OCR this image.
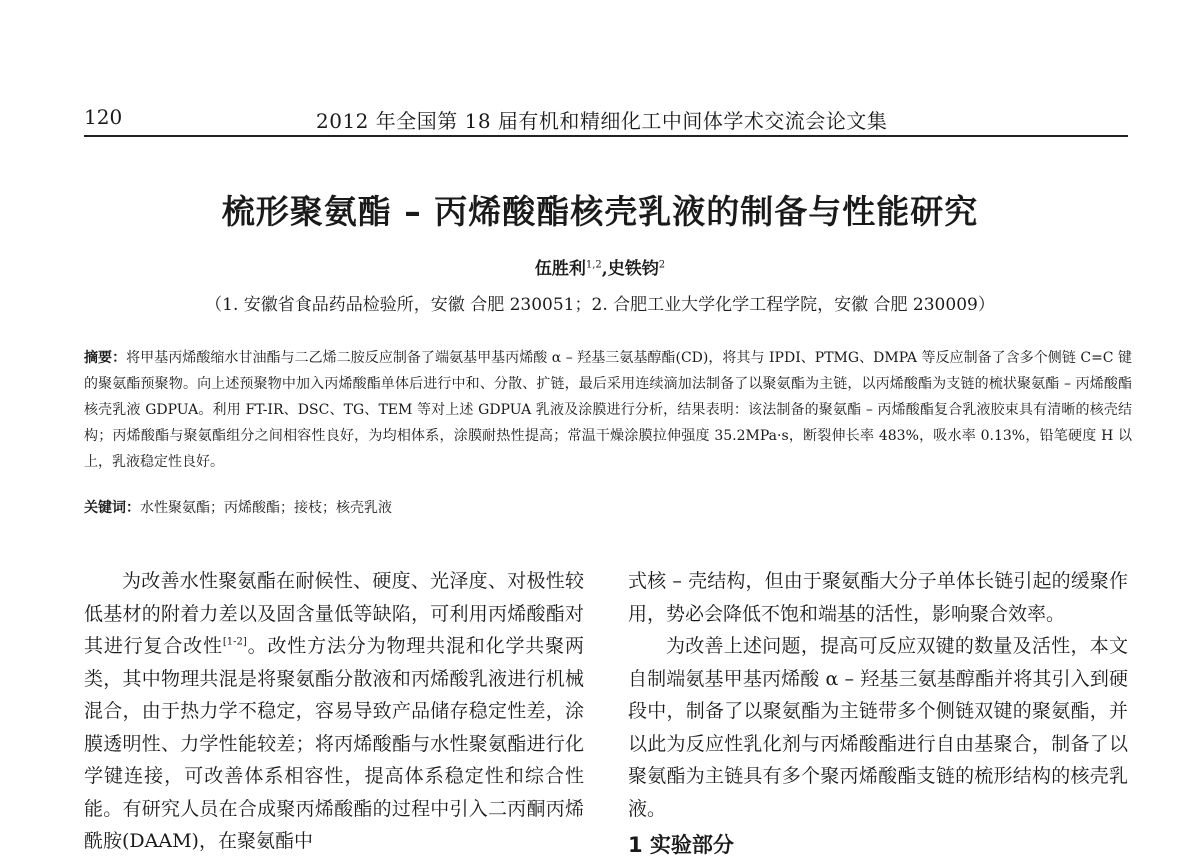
120	2012 年全国第 18 届有机和精细化工中间体学术交流会论文集
梳形聚氨酯 – 丙烯酸酯核壳乳液的制备与性能研究
伍胜利$^{1,2}$,史铁钧$^2$
（1. 安徽省食品药品检验所，安徽 合肥 230051；2. 合肥工业大学化学工程学院，安徽 合肥 230009）
摘要：将甲基丙烯酸缩水甘油酯与二乙烯二胺反应制备了端氨基甲基丙烯酸 α – 羟基三氨基醇酯(CD)，将其与 IPDI、PTMG、DMPA 等反应制备了含多个侧链 C=C 键的聚氨酯预聚物。向上述预聚物中加入丙烯酸酯单体后进行中和、分散、扩链，最后采用连续滴加法制备了以聚氨酯为主链，以丙烯酸酯为支链的梳状聚氨酯 – 丙烯酸酯核壳乳液 GDPUA。利用 FT-IR、DSC、TG、TEM 等对上述 GDPUA 乳液及涂膜进行分析，结果表明：该法制备的聚氨酯 – 丙烯酸酯复合乳液胶束具有清晰的核壳结构；丙烯酸酯与聚氨酯组分之间相容性良好，为均相体系，涂膜耐热性提高；常温干燥涂膜拉伸强度 35.2MPa·s，断裂伸长率 483%，吸水率 0.13%，铅笔硬度 H 以上，乳液稳定性良好。
关键词：水性聚氨酯；丙烯酸酯；接枝；核壳乳液

为改善水性聚氨酯在耐候性、硬度、光泽度、对极性较低基材的附着力差以及固含量低等缺陷，可利用丙烯酸酯对其进行复合改性[1-2]。改性方法分为物理共混和化学共聚两类，其中物理共混是将聚氨酯分散液和丙烯酸乳液进行机械混合，由于热力学不稳定，容易导致产品储存稳定性差，涂膜透明性、力学性能较差；将丙烯酸酯与水性聚氨酯进行化学键连接，可改善体系相容性，提高体系稳定性和综合性能。有研究人员在合成聚丙烯酸酯的过程中引入二丙酮丙烯酰胺(DAAM)，在聚氨酯中

式核 – 壳结构，但由于聚氨酯大分子单体长链引起的缓聚作用，势必会降低不饱和端基的活性，影响聚合效率。

为改善上述问题，提高可反应双键的数量及活性，本文自制端氨基甲基丙烯酸 α – 羟基三氨基醇酯并将其引入到硬段中，制备了以聚氨酯为主链带多个侧链双键的聚氨酯，并以此为反应性乳化剂与丙烯酸酯进行自由基聚合，制备了以聚氨酯为主链具有多个聚丙烯酸酯支链的梳形结构的核壳乳液。

1 实验部分
